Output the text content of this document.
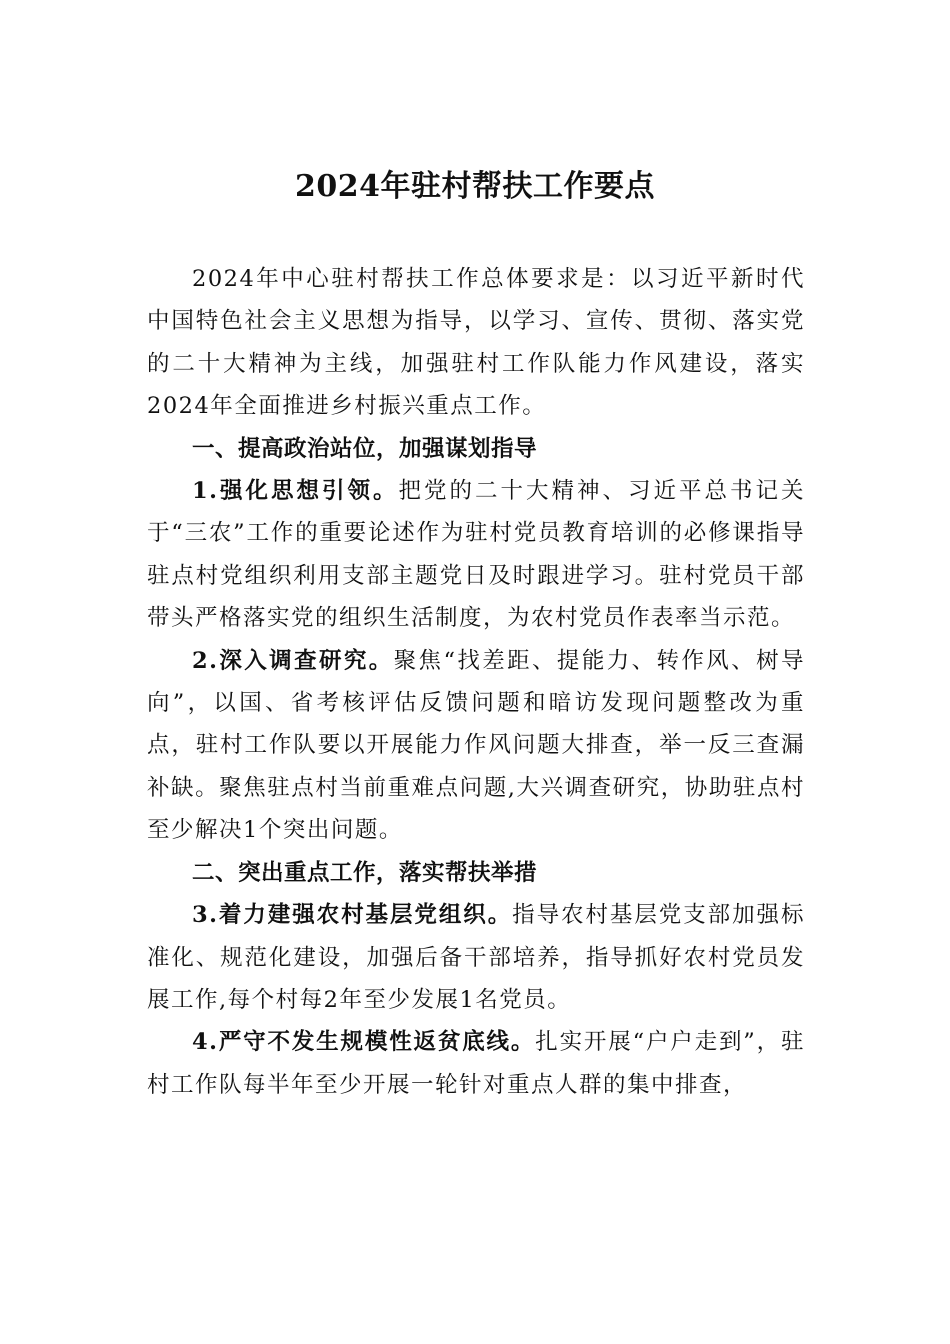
2024年驻村帮扶工作要点

2024年中心驻村帮扶工作总体要求是：以习近平新时代中国特色社会主义思想为指导，以学习、宣传、贯彻、落实党的二十大精神为主线，加强驻村工作队能力作风建设，落实2024年全面推进乡村振兴重点工作。

一、提高政治站位，加强谋划指导

1.强化思想引领。把党的二十大精神、习近平总书记关于“三农”工作的重要论述作为驻村党员教育培训的必修课指导驻点村党组织利用支部主题党日及时跟进学习。驻村党员干部带头严格落实党的组织生活制度，为农村党员作表率当示范。

2.深入调查研究。聚焦“找差距、提能力、转作风、树导向”，以国、省考核评估反馈问题和暗访发现问题整改为重点，驻村工作队要以开展能力作风问题大排查，举一反三查漏补缺。聚焦驻点村当前重难点问题,大兴调查研究，协助驻点村至少解决1个突出问题。

二、突出重点工作，落实帮扶举措

3.着力建强农村基层党组织。指导农村基层党支部加强标准化、规范化建设，加强后备干部培养，指导抓好农村党员发展工作,每个村每2年至少发展1名党员。

4.严守不发生规模性返贫底线。扎实开展“户户走到”，驻村工作队每半年至少开展一轮针对重点人群的集中排查，
